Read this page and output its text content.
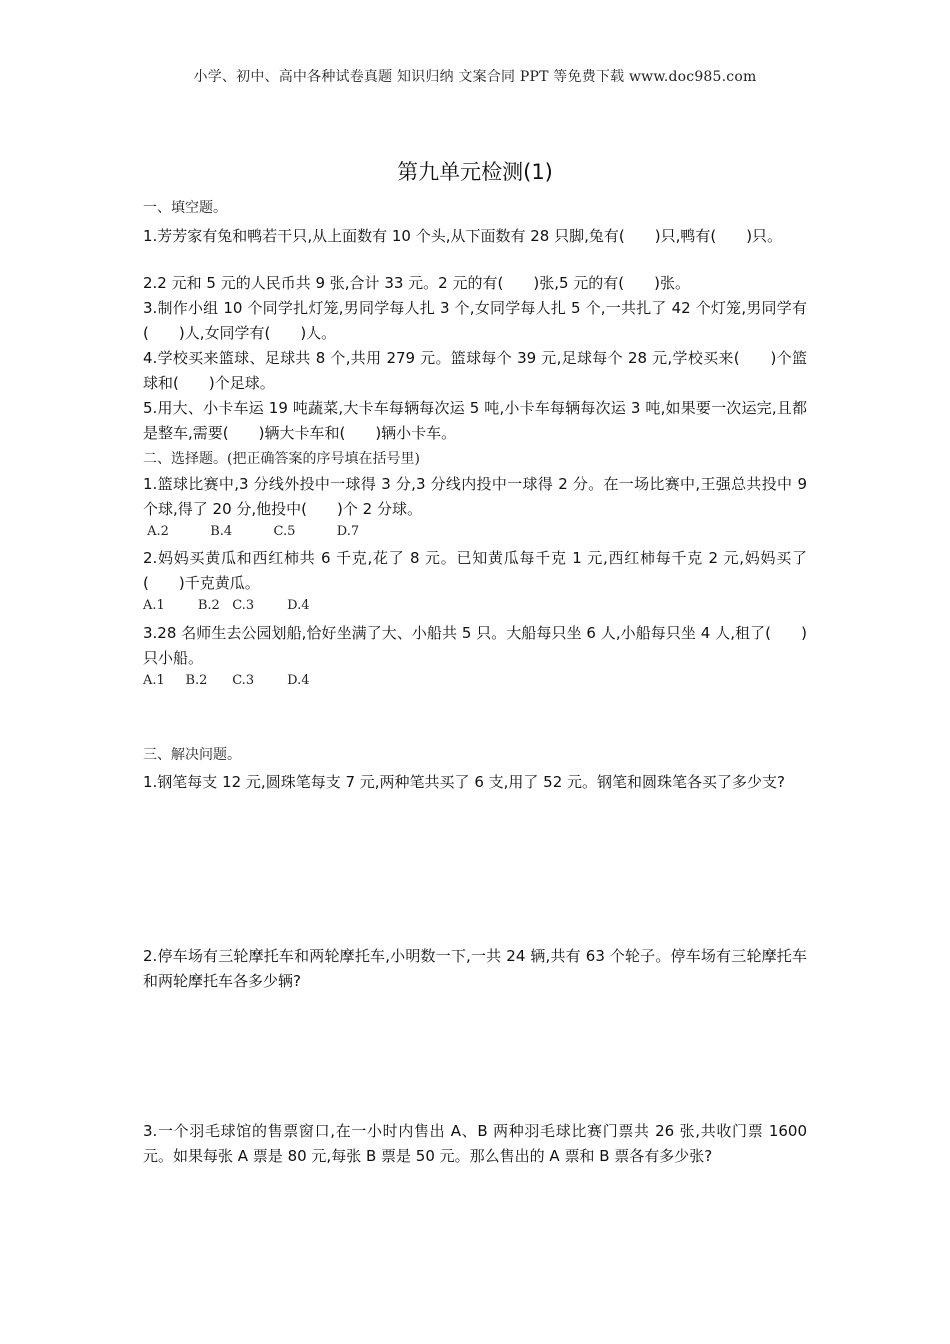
小学、初中、高中各种试卷真题 知识归纳 文案合同 PPT 等免费下载 www.doc985.com
第九单元检测(1)
一、填空题。
1.芳芳家有兔和鸭若干只,从上面数有 10 个头,从下面数有 28 只脚,兔有(　　)只,鸭有(　　)只。
2.2 元和 5 元的人民币共 9 张,合计 33 元。2 元的有(　　)张,5 元的有(　　)张。
3.制作小组 10 个同学扎灯笼,男同学每人扎 3 个,女同学每人扎 5 个,一共扎了 42 个灯笼,男同学有(　　)人,女同学有(　　)人。
4.学校买来篮球、足球共 8 个,共用 279 元。篮球每个 39 元,足球每个 28 元,学校买来(　　)个篮球和(　　)个足球。
5.用大、小卡车运 19 吨蔬菜,大卡车每辆每次运 5 吨,小卡车每辆每次运 3 吨,如果要一次运完,且都是整车,需要(　　)辆大卡车和(　　)辆小卡车。
二、选择题。(把正确答案的序号填在括号里)
1.篮球比赛中,3 分线外投中一球得 3 分,3 分线内投中一球得 2 分。在一场比赛中,王强总共投中 9 个球,得了 20 分,他投中(　　)个 2 分球。
A.2          B.4          C.5          D.7
2.妈妈买黄瓜和西红柿共 6 千克,花了 8 元。已知黄瓜每千克 1 元,西红柿每千克 2 元,妈妈买了(　　)千克黄瓜。
A.1        B.2   C.3        D.4
3.28 名师生去公园划船,恰好坐满了大、小船共 5 只。大船每只坐 6 人,小船每只坐 4 人,租了(　　)只小船。
A.1     B.2      C.3        D.4
三、解决问题。
1.钢笔每支 12 元,圆珠笔每支 7 元,两种笔共买了 6 支,用了 52 元。钢笔和圆珠笔各买了多少支?
2.停车场有三轮摩托车和两轮摩托车,小明数一下,一共 24 辆,共有 63 个轮子。停车场有三轮摩托车和两轮摩托车各多少辆?
3.一个羽毛球馆的售票窗口,在一小时内售出 A、B 两种羽毛球比赛门票共 26 张,共收门票 1600 元。如果每张 A 票是 80 元,每张 B 票是 50 元。那么售出的 A 票和 B 票各有多少张?
